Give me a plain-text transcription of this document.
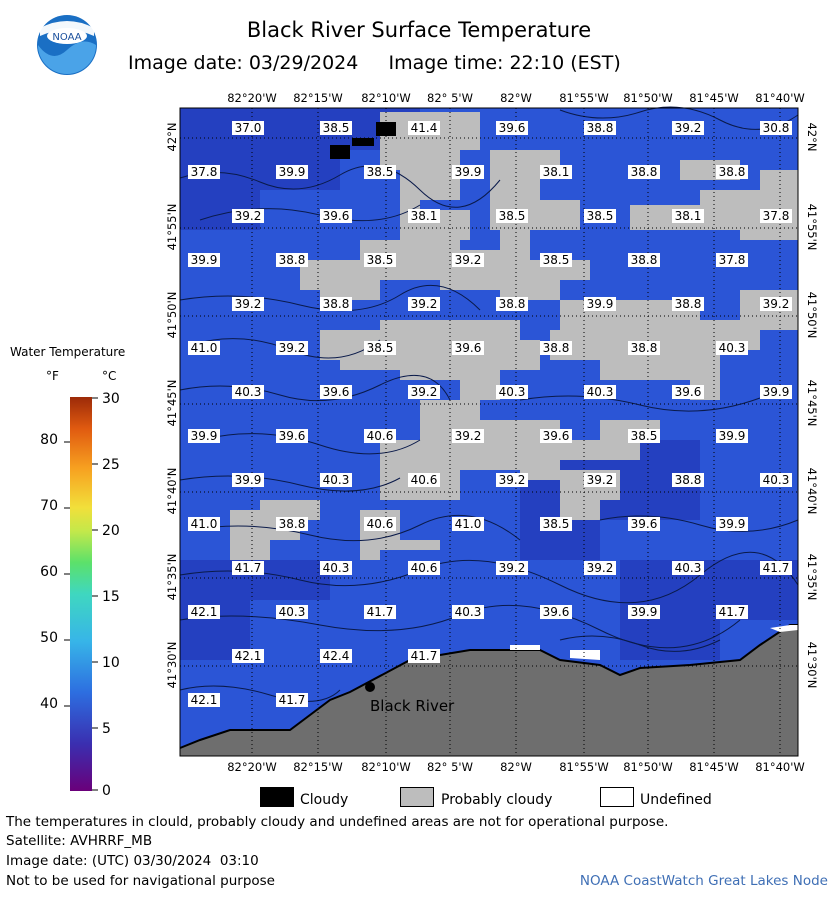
Black River Surface Temperature
Image date: 03/29/2024 Image time: 22:10 (EST)
NOAA
Water Temperature
°F	°C
80
70
60
50
40
30
25
20
15
10
5
0
37.0	38.5	41.4	39.6	38.8	39.2	30.8
37.8	39.9	38.5	39.9	38.1	38.8	38.8
39.2	39.6	38.1	38.5	38.5	38.1	37.8
39.9	38.8	38.5	39.2	38.5	38.8	37.8
39.2	38.8	39.2	38.8	39.9	38.8	39.2
41.0	39.2	38.5	39.6	38.8	38.8	40.3
40.3	39.6	39.2	40.3	40.3	39.6	39.9
39.9	39.6	40.6	39.2	39.6	38.5	39.9
39.9	40.3	40.6	39.2	39.2	38.8	40.3
41.0	38.8	40.6	41.0	38.5	39.6	39.9
41.7	40.3	40.6	39.2	39.2	40.3	41.7
42.1	40.3	41.7	40.3	39.6	39.9	41.7
42.1	42.4	41.7
42.1	41.7	Black River
Cloudy	Probably cloudy	Undefined
The temperatures in clould, probably cloudy and undefined areas are not for operational purpose.
Satellite: AVHRRF_MB
Image date: (UTC) 03/30/2024  03:10
Not to be used for navigational purpose	NOAA CoastWatch Great Lakes Node
82°20'W
82°20'W
82°15'W
82°15'W
82°10'W
82°10'W
82° 5'W
82° 5'W
82°W
82°W
81°55'W
81°55'W
81°50'W
81°50'W
81°45'W
81°45'W
81°40'W
81°40'W
42°N	42°N
41°55'N	41°55'N
41°50'N	41°50'N
41°45'N	41°45'N
41°40'N	41°40'N
41°35'N	41°35'N
41°30'N	41°30'N
